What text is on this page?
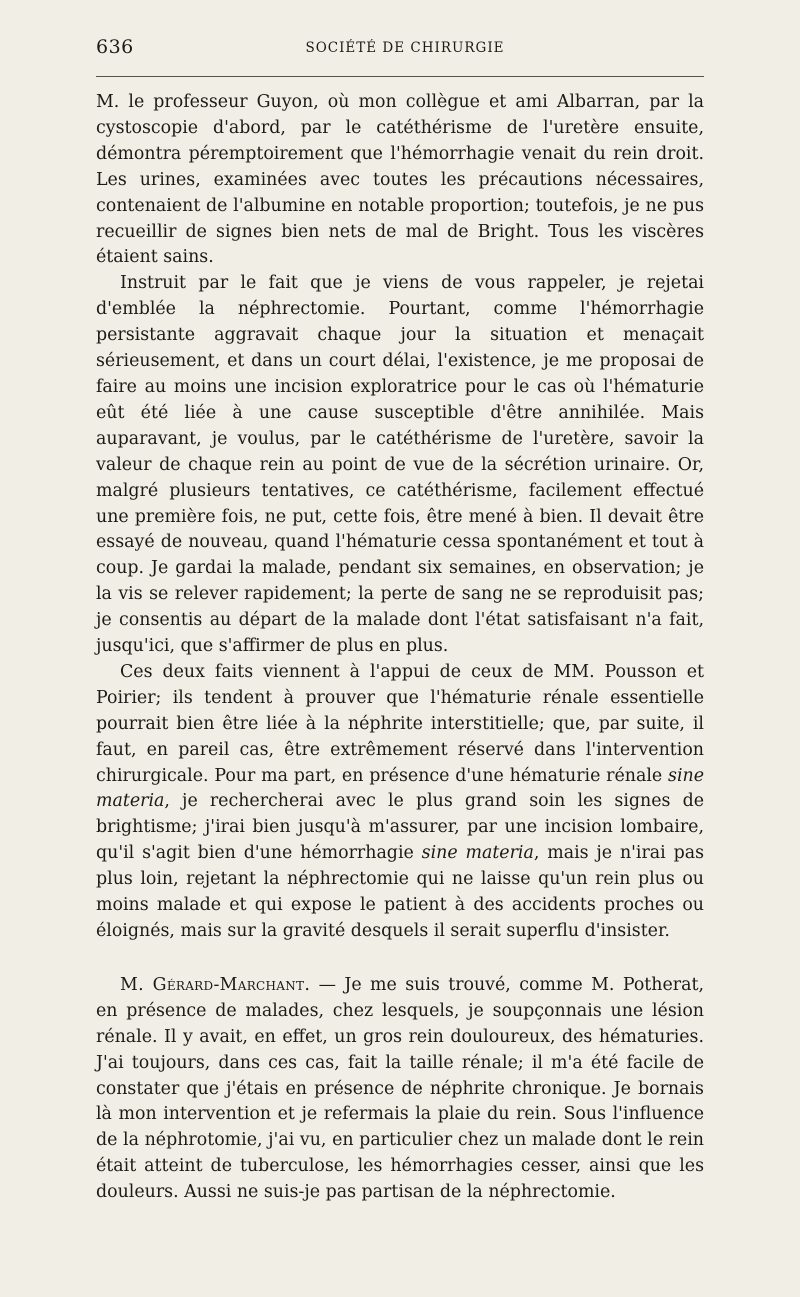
636	SOCIÉTÉ DE CHIRURGIE

M. le professeur Guyon, où mon collègue et ami Albarran, par la cystoscopie d'abord, par le catéthérisme de l'uretère ensuite, démontra péremptoirement que l'hémorrhagie venait du rein droit. Les urines, examinées avec toutes les précautions nécessaires, contenaient de l'albumine en notable proportion; toutefois, je ne pus recueillir de signes bien nets de mal de Bright. Tous les viscères étaient sains.

Instruit par le fait que je viens de vous rappeler, je rejetai d'emblée la néphrectomie. Pourtant, comme l'hémorrhagie persistante aggravait chaque jour la situation et menaçait sérieusement, et dans un court délai, l'existence, je me proposai de faire au moins une incision exploratrice pour le cas où l'hématurie eût été liée à une cause susceptible d'être annihilée. Mais auparavant, je voulus, par le catéthérisme de l'uretère, savoir la valeur de chaque rein au point de vue de la sécrétion urinaire. Or, malgré plusieurs tentatives, ce catéthérisme, facilement effectué une première fois, ne put, cette fois, être mené à bien. Il devait être essayé de nouveau, quand l'hématurie cessa spontanément et tout à coup. Je gardai la malade, pendant six semaines, en observation; je la vis se relever rapidement; la perte de sang ne se reproduisit pas; je consentis au départ de la malade dont l'état satisfaisant n'a fait, jusqu'ici, que s'affirmer de plus en plus.

Ces deux faits viennent à l'appui de ceux de MM. Pousson et Poirier; ils tendent à prouver que l'hématurie rénale essentielle pourrait bien être liée à la néphrite interstitielle; que, par suite, il faut, en pareil cas, être extrêmement réservé dans l'intervention chirurgicale. Pour ma part, en présence d'une hématurie rénale sine materia, je rechercherai avec le plus grand soin les signes de brightisme; j'irai bien jusqu'à m'assurer, par une incision lombaire, qu'il s'agit bien d'une hémorrhagie sine materia, mais je n'irai pas plus loin, rejetant la néphrectomie qui ne laisse qu'un rein plus ou moins malade et qui expose le patient à des accidents proches ou éloignés, mais sur la gravité desquels il serait superflu d'insister.

M. Gérard-Marchant. — Je me suis trouvé, comme M. Potherat, en présence de malades, chez lesquels, je soupçonnais une lésion rénale. Il y avait, en effet, un gros rein douloureux, des hématuries. J'ai toujours, dans ces cas, fait la taille rénale; il m'a été facile de constater que j'étais en présence de néphrite chronique. Je bornais là mon intervention et je refermais la plaie du rein. Sous l'influence de la néphrotomie, j'ai vu, en particulier chez un malade dont le rein était atteint de tuberculose, les hémorrhagies cesser, ainsi que les douleurs. Aussi ne suis-je pas partisan de la néphrectomie.
